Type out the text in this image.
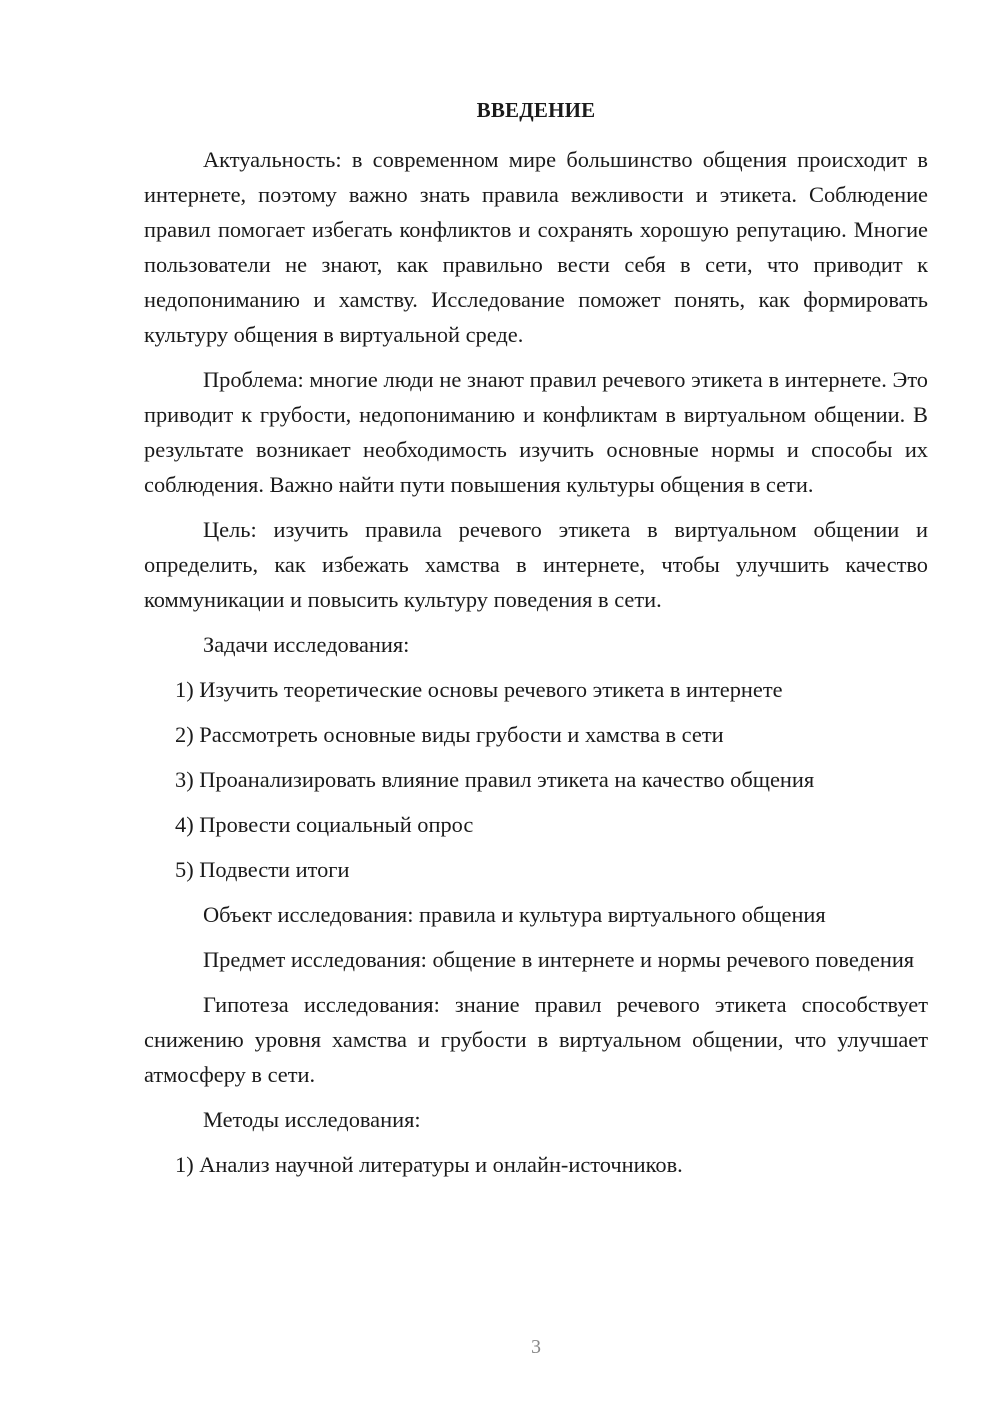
ВВЕДЕНИЕ

Актуальность: в современном мире большинство общения происходит в интернете, поэтому важно знать правила вежливости и этикета. Соблюдение правил помогает избегать конфликтов и сохранять хорошую репутацию. Многие пользователи не знают, как правильно вести себя в сети, что приводит к недопониманию и хамству. Исследование поможет понять, как формировать культуру общения в виртуальной среде.

Проблема: многие люди не знают правил речевого этикета в интернете. Это приводит к грубости, недопониманию и конфликтам в виртуальном общении. В результате возникает необходимость изучить основные нормы и способы их соблюдения. Важно найти пути повышения культуры общения в сети.

Цель: изучить правила речевого этикета в виртуальном общении и определить, как избежать хамства в интернете, чтобы улучшить качество коммуникации и повысить культуру поведения в сети.

Задачи исследования:

1) Изучить теоретические основы речевого этикета в интернете

2) Рассмотреть основные виды грубости и хамства в сети

3) Проанализировать влияние правил этикета на качество общения

4) Провести социальный опрос

5) Подвести итоги

Объект исследования: правила и культура виртуального общения

Предмет исследования: общение в интернете и нормы речевого поведения

Гипотеза исследования: знание правил речевого этикета способствует снижению уровня хамства и грубости в виртуальном общении, что улучшает атмосферу в сети.

Методы исследования:

1) Анализ научной литературы и онлайн-источников.

3
